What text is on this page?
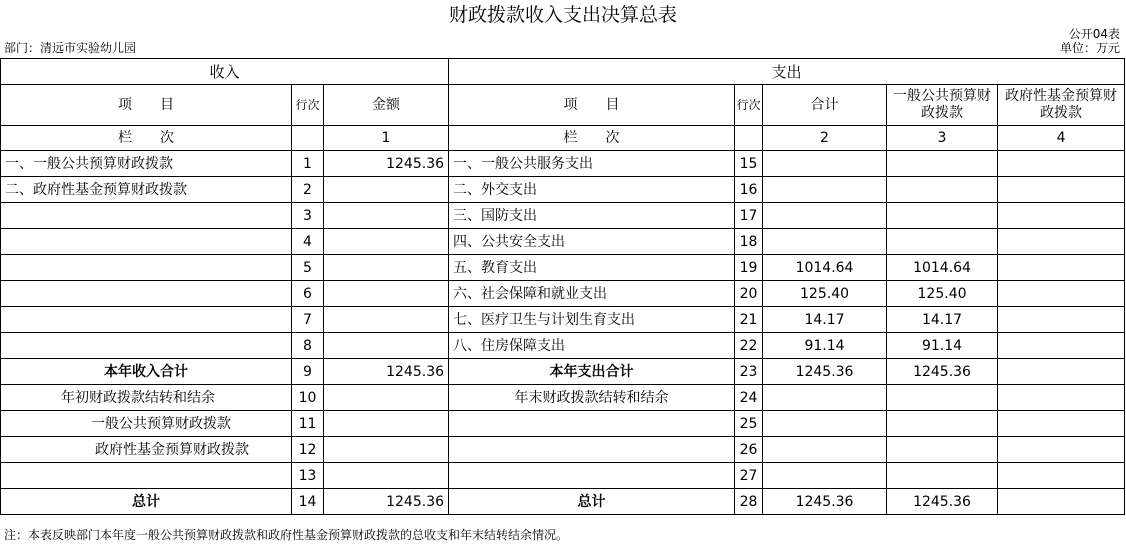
财政拨款收入支出决算总表
公开04表
部门：清远市实验幼儿园	单位：万元
收入			支出				
项　　目	行次	金额	项　　目	行次	合计	一般公共预算财政拨款	政府性基金预算财政拨款
栏　　次		1	栏　　次		2	3	4
一、一般公共预算财政拨款	1	1245.36	一、一般公共服务支出	15			
二、政府性基金预算财政拨款	2		二、外交支出	16			
	3		三、国防支出	17			
	4		四、公共安全支出	18			
	5		五、教育支出	19	1014.64	1014.64	
	6		六、社会保障和就业支出	20	125.40	125.40	
	7		七、医疗卫生与计划生育支出	21	14.17	14.17	
	8		八、住房保障支出	22	91.14	91.14	
本年收入合计	9	1245.36	本年支出合计	23	1245.36	1245.36	
年初财政拨款结转和结余	10		年末财政拨款结转和结余	24			
一般公共预算财政拨款	11			25			
政府性基金预算财政拨款	12			26			
	13			27			
总计	14	1245.36	总计	28	1245.36	1245.36	
注：本表反映部门本年度一般公共预算财政拨款和政府性基金预算财政拨款的总收支和年末结转结余情况。
